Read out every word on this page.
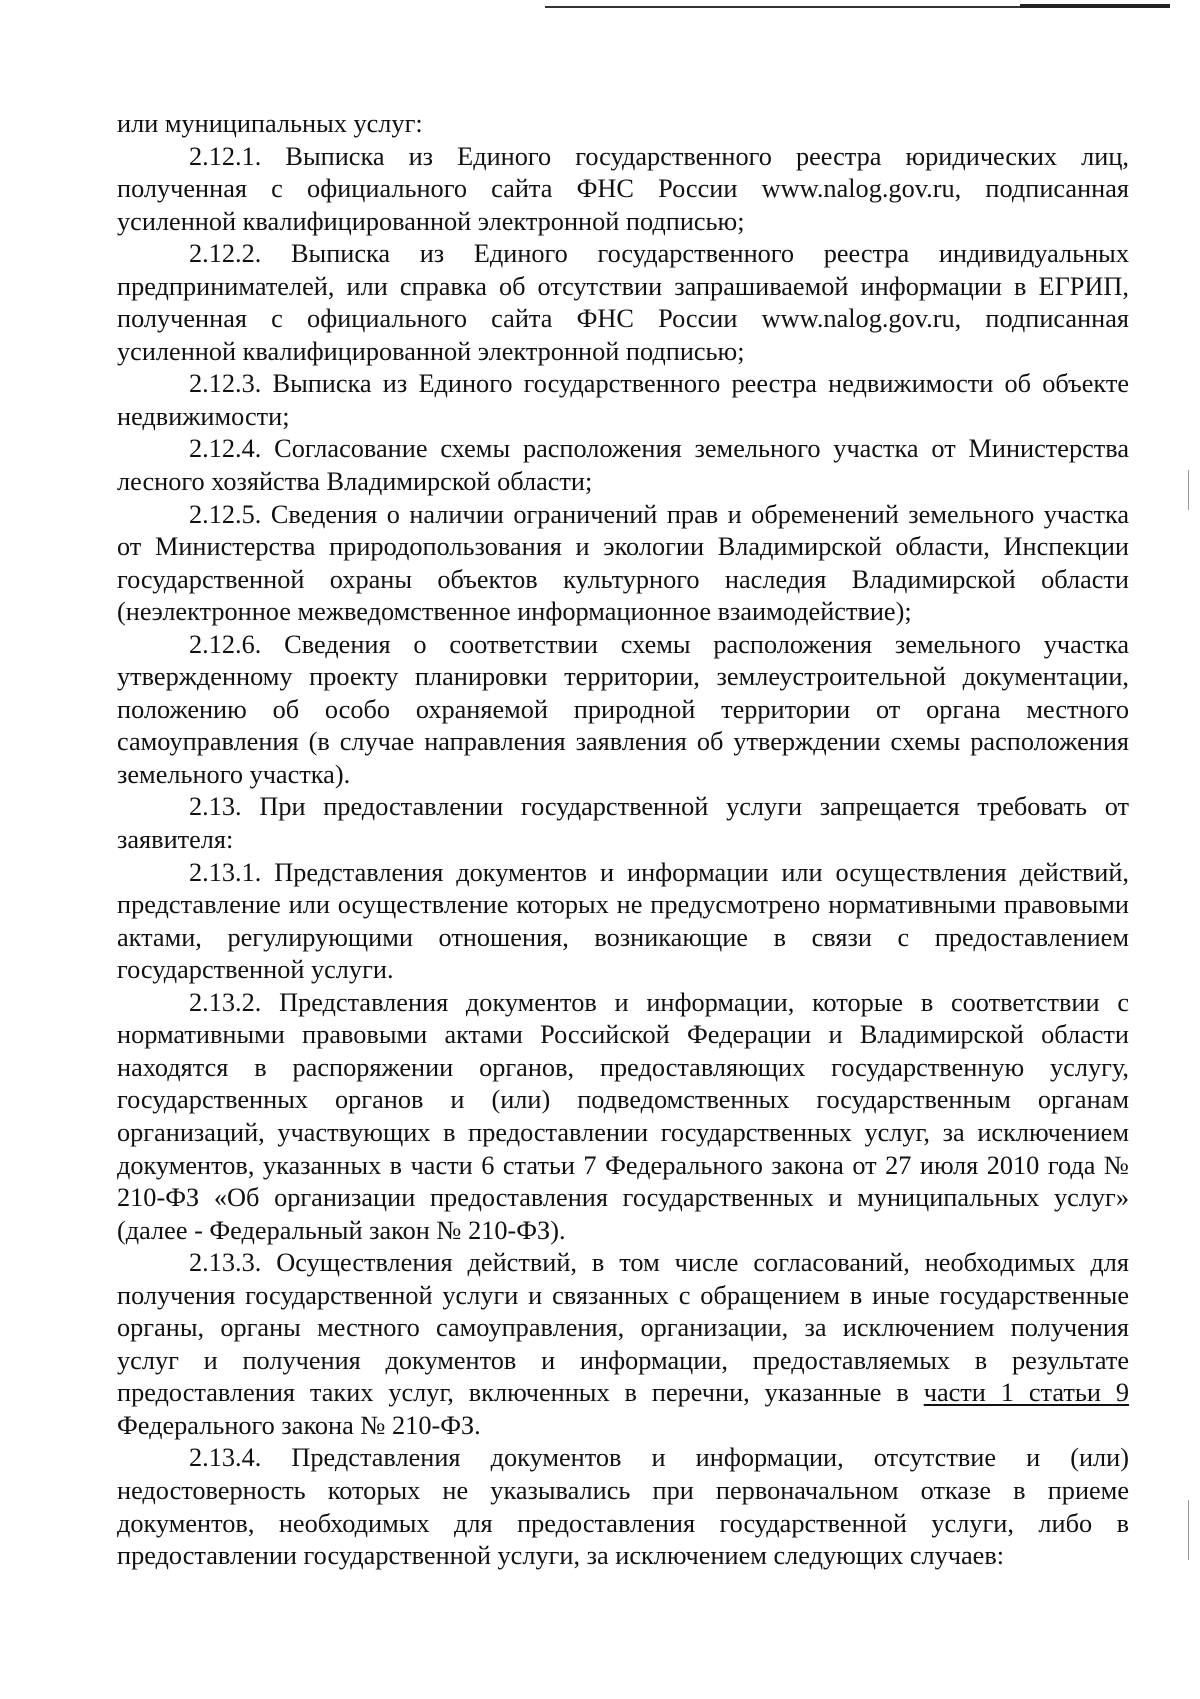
или муниципальных услуг:

2.12.1. Выписка из Единого государственного реестра юридических лиц, полученная с официального сайта ФНС России www.nalog.gov.ru, подписанная усиленной квалифицированной электронной подписью;

2.12.2. Выписка из Единого государственного реестра индивидуальных предпринимателей, или справка об отсутствии запрашиваемой информации в ЕГРИП, полученная с официального сайта ФНС России www.nalog.gov.ru, подписанная усиленной квалифицированной электронной подписью;

2.12.3. Выписка из Единого государственного реестра недвижимости об объекте недвижимости;

2.12.4. Согласование схемы расположения земельного участка от Министерства лесного хозяйства Владимирской области;

2.12.5. Сведения о наличии ограничений прав и обременений земельного участка от Министерства природопользования и экологии Владимирской области, Инспекции государственной охраны объектов культурного наследия Владимирской области (неэлектронное межведомственное информационное взаимодействие);

2.12.6. Сведения о соответствии схемы расположения земельного участка утвержденному проекту планировки территории, землеустроительной документации, положению об особо охраняемой природной территории от органа местного самоуправления (в случае направления заявления об утверждении схемы расположения земельного участка).

2.13. При предоставлении государственной услуги запрещается требовать от заявителя:

2.13.1. Представления документов и информации или осуществления действий, представление или осуществление которых не предусмотрено нормативными правовыми актами, регулирующими отношения, возникающие в связи с предоставлением государственной услуги.

2.13.2. Представления документов и информации, которые в соответствии с нормативными правовыми актами Российской Федерации и Владимирской области находятся в распоряжении органов, предоставляющих государственную услугу, государственных органов и (или) подведомственных государственным органам организаций, участвующих в предоставлении государственных услуг, за исключением документов, указанных в части 6 статьи 7 Федерального закона от 27 июля 2010 года № 210-ФЗ «Об организации предоставления государственных и муниципальных услуг» (далее - Федеральный закон № 210-ФЗ).

2.13.3. Осуществления действий, в том числе согласований, необходимых для получения государственной услуги и связанных с обращением в иные государственные органы, органы местного самоуправления, организации, за исключением получения услуг и получения документов и информации, предоставляемых в результате предоставления таких услуг, включенных в перечни, указанные в части 1 статьи 9 Федерального закона № 210-ФЗ.

2.13.4. Представления документов и информации, отсутствие и (или) недостоверность которых не указывались при первоначальном отказе в приеме документов, необходимых для предоставления государственной услуги, либо в предоставлении государственной услуги, за исключением следующих случаев:
